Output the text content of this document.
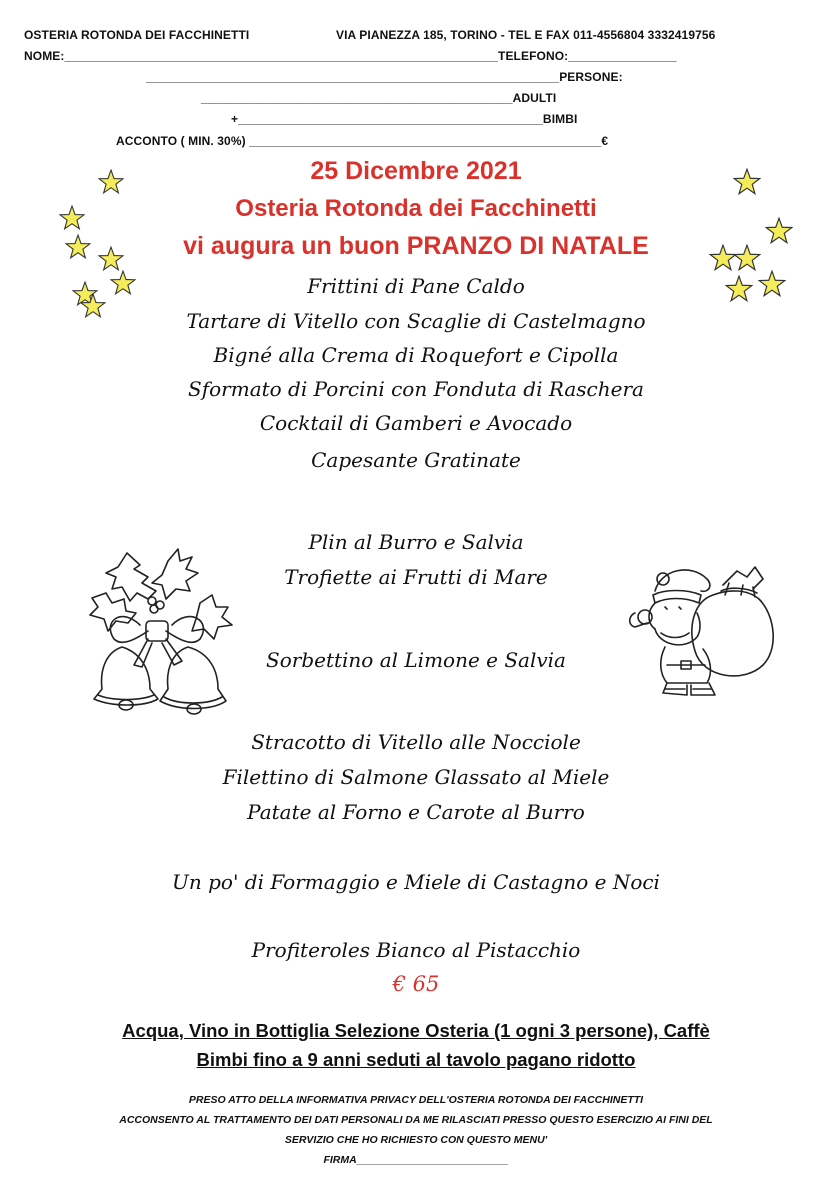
OSTERIA ROTONDA DEI FACCHINETTI	VIA PIANEZZA 185, TORINO - TEL E FAX 011-4556804 3332419756
NOME:________________________________________________________________TELEFONO:________________
_____________________________________________________________PERSONE:
______________________________________________ADULTI
+_____________________________________________BIMBI
ACCONTO ( MIN. 30%) ____________________________________________________€
25 Dicembre 2021
Osteria Rotonda dei Facchinetti
vi augura un buon PRANZO DI NATALE
Frittini di Pane Caldo
Tartare di Vitello con Scaglie di Castelmagno
Bigné alla Crema di Roquefort e Cipolla
Sformato di Porcini con Fonduta di Raschera
Cocktail di Gamberi e Avocado
Capesante Gratinate
Plin al Burro e Salvia
Trofiette ai Frutti di Mare
Sorbettino al Limone e Salvia
Stracotto di Vitello alle Nocciole
Filettino di Salmone Glassato al Miele
Patate al Forno e Carote al Burro
Un po' di Formaggio e Miele di Castagno e Noci
Profiteroles Bianco al Pistacchio
€ 65
Acqua, Vino in Bottiglia Selezione Osteria (1 ogni 3 persone), Caffè
Bimbi fino a 9 anni seduti al tavolo pagano ridotto
PRESO ATTO DELLA INFORMATIVA PRIVACY DELL'OSTERIA ROTONDA DEI FACCHINETTI
ACCONSENTO AL TRATTAMENTO DEI DATI PERSONALI DA ME RILASCIATI PRESSO QUESTO ESERCIZIO AI FINI DEL
SERVIZIO CHE HO RICHIESTO CON QUESTO MENU'
FIRMA__________________________
